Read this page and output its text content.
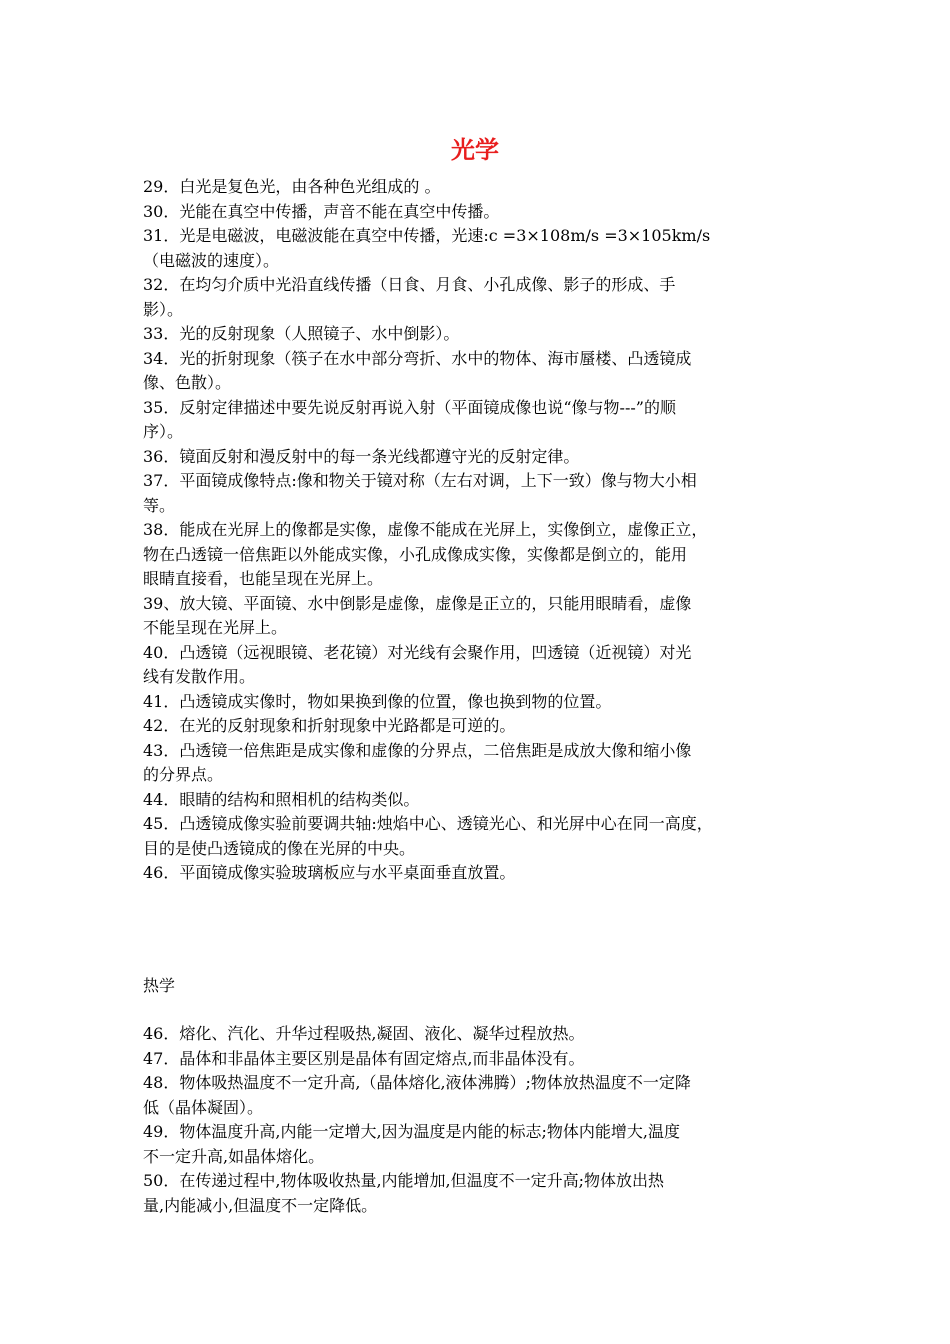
光学

29．白光是复色光，由各种色光组成的 。

30．光能在真空中传播，声音不能在真空中传播。

31．光是电磁波，电磁波能在真空中传播，光速:c =3×108m/s =3×105km/s

（电磁波的速度）。

32．在均匀介质中光沿直线传播（日食、月食、小孔成像、影子的形成、手

影）。

33．光的反射现象（人照镜子、水中倒影）。

34．光的折射现象（筷子在水中部分弯折、水中的物体、海市蜃楼、凸透镜成

像、色散）。

35．反射定律描述中要先说反射再说入射（平面镜成像也说“像与物---”的顺

序）。

36．镜面反射和漫反射中的每一条光线都遵守光的反射定律。

37．平面镜成像特点:像和物关于镜对称（左右对调，上下一致）像与物大小相

等。

38．能成在光屏上的像都是实像，虚像不能成在光屏上，实像倒立，虚像正立，

物在凸透镜一倍焦距以外能成实像，小孔成像成实像，实像都是倒立的，能用

眼睛直接看，也能呈现在光屏上。

39、放大镜、平面镜、水中倒影是虚像，虚像是正立的，只能用眼睛看，虚像

不能呈现在光屏上。

40．凸透镜（远视眼镜、老花镜）对光线有会聚作用，凹透镜（近视镜）对光

线有发散作用。

41．凸透镜成实像时，物如果换到像的位置，像也换到物的位置。

42．在光的反射现象和折射现象中光路都是可逆的。

43．凸透镜一倍焦距是成实像和虚像的分界点，二倍焦距是成放大像和缩小像

的分界点。

44．眼睛的结构和照相机的结构类似。

45．凸透镜成像实验前要调共轴:烛焰中心、透镜光心、和光屏中心在同一高度，

目的是使凸透镜成的像在光屏的中央。

46．平面镜成像实验玻璃板应与水平桌面垂直放置。

热学

46．熔化、汽化、升华过程吸热,凝固、液化、凝华过程放热。

47．晶体和非晶体主要区别是晶体有固定熔点,而非晶体没有。

48．物体吸热温度不一定升高,（晶体熔化,液体沸腾）;物体放热温度不一定降

低（晶体凝固）。

49．物体温度升高,内能一定增大,因为温度是内能的标志;物体内能增大,温度

不一定升高,如晶体熔化。

50．在传递过程中,物体吸收热量,内能增加,但温度不一定升高;物体放出热

量,内能减小,但温度不一定降低。
